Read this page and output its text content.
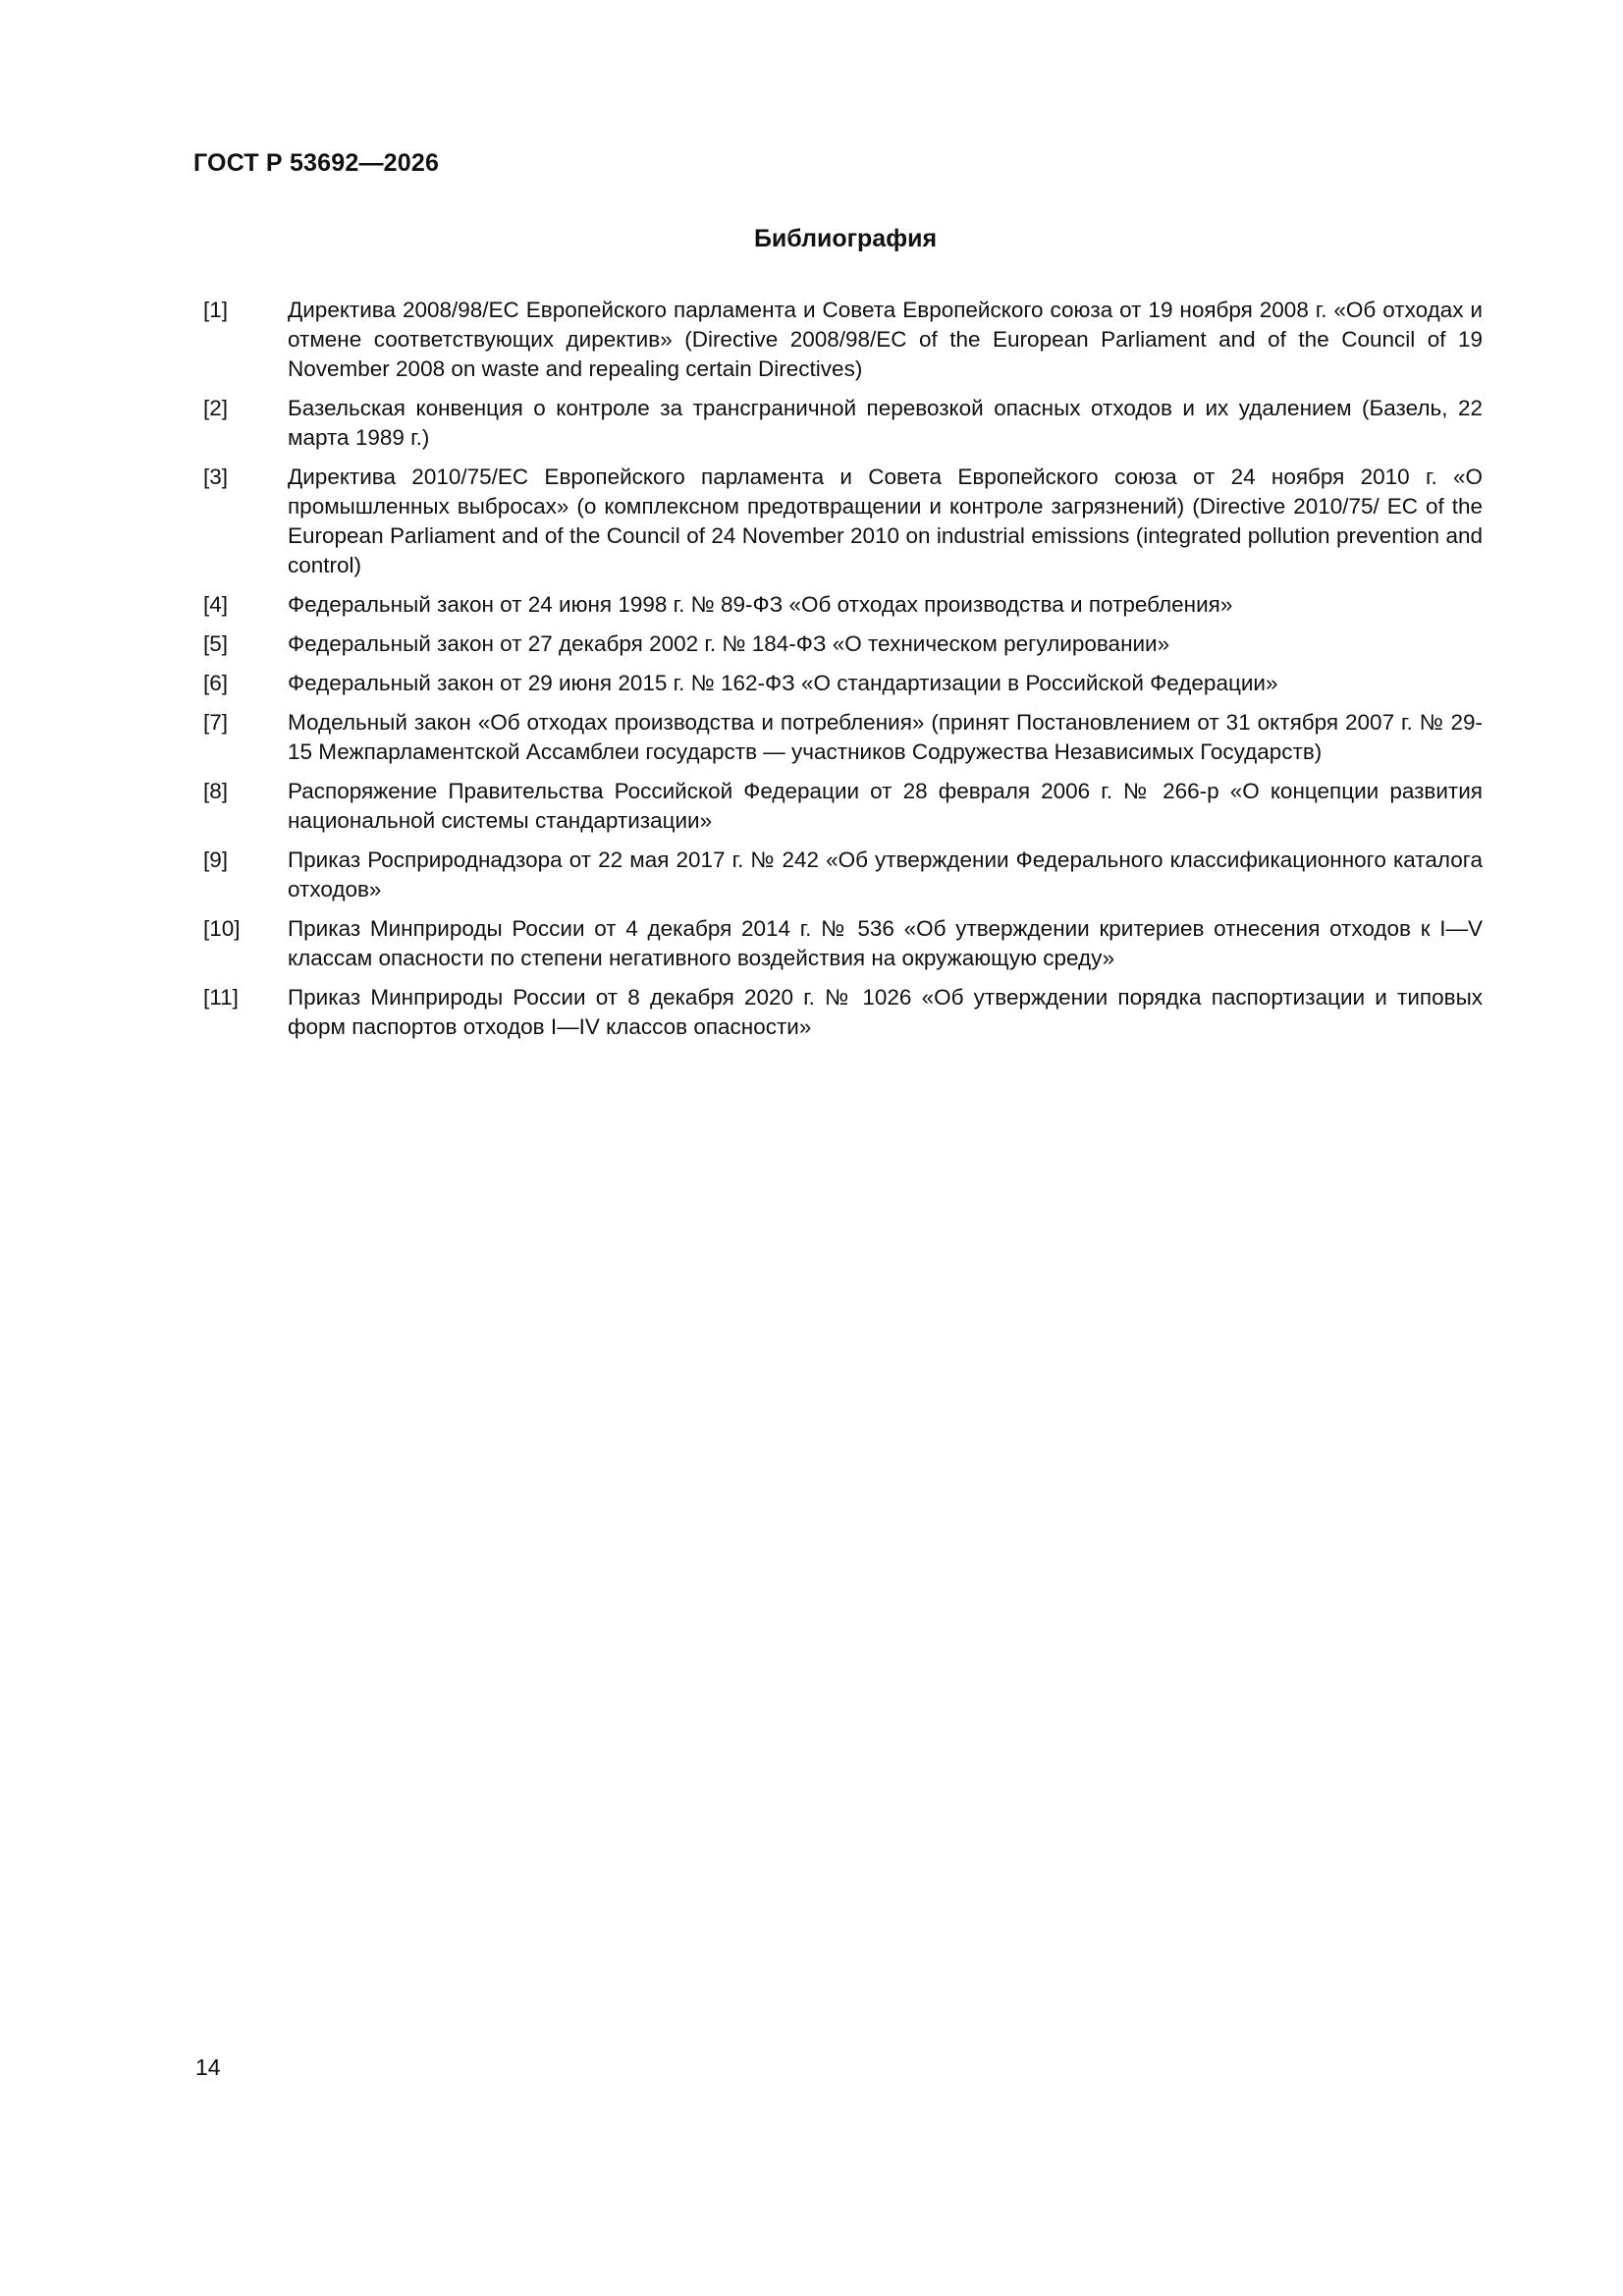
ГОСТ Р 53692—2026
Библиография
[1]	Директива 2008/98/ЕС Европейского парламента и Совета Европейского союза от 19 ноября 2008 г. «Об отходах и отмене соответствующих директив» (Directive 2008/98/EC of the European Parliament and of the Council of 19 November 2008 on waste and repealing certain Directives)
[2]	Базельская конвенция о контроле за трансграничной перевозкой опасных отходов и их удалением (Базель, 22 марта 1989 г.)
[3]	Директива 2010/75/ЕС Европейского парламента и Совета Европейского союза от 24 ноября 2010 г. «О промышленных выбросах» (о комплексном предотвращении и контроле загрязнений) (Directive 2010/75/ EC of the European Parliament and of the Council of 24 November 2010 on industrial emissions (integrated pollution prevention and control)
[4]	Федеральный закон от 24 июня 1998 г. № 89-ФЗ «Об отходах производства и потребления»
[5]	Федеральный закон от 27 декабря 2002 г. № 184-ФЗ «О техническом регулировании»
[6]	Федеральный закон от 29 июня 2015 г. № 162-ФЗ «О стандартизации в Российской Федерации»
[7]	Модельный закон «Об отходах производства и потребления» (принят Постановлением от 31 октября 2007 г. № 29-15 Межпарламентской Ассамблеи государств — участников Содружества Независимых Государств)
[8]	Распоряжение Правительства Российской Федерации от 28 февраля 2006 г. № 266-р «О концепции развития национальной системы стандартизации»
[9]	Приказ Росприроднадзора от 22 мая 2017 г. № 242 «Об утверждении Федерального классификационного каталога отходов»
[10]	Приказ Минприроды России от 4 декабря 2014 г. № 536 «Об утверждении критериев отнесения отходов к I—V классам опасности по степени негативного воздействия на окружающую среду»
[11]	Приказ Минприроды России от 8 декабря 2020 г. № 1026 «Об утверждении порядка паспортизации и типовых форм паспортов отходов I—IV классов опасности»
14
